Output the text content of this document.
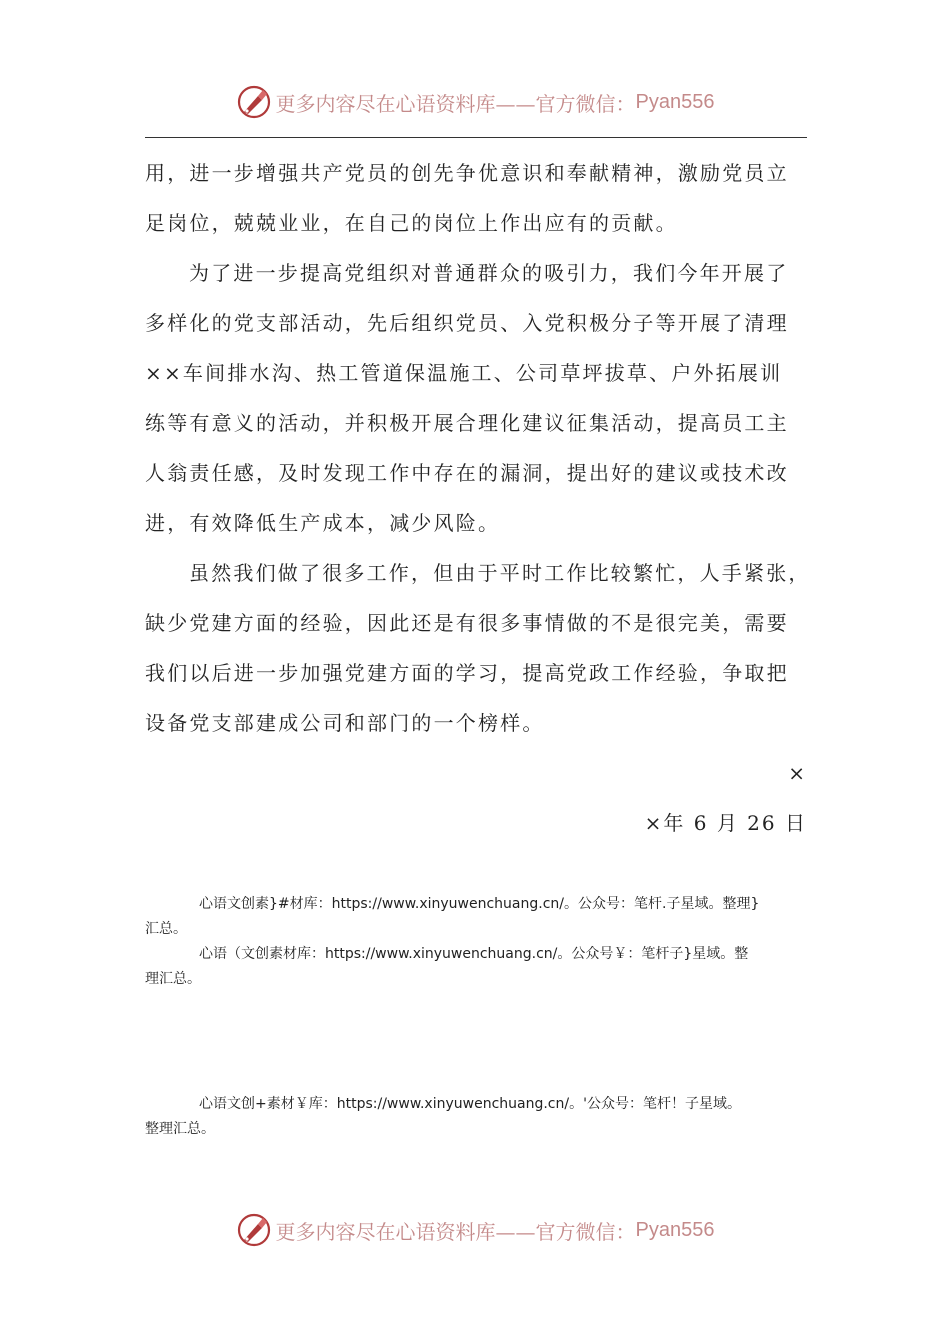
更多内容尽在心语资料库——官方微信： Pyan556
用，进一步增强共产党员的创先争优意识和奉献精神，激励党员立
足岗位，兢兢业业，在自己的岗位上作出应有的贡献。
为了进一步提高党组织对普通群众的吸引力，我们今年开展了
多样化的党支部活动，先后组织党员、入党积极分子等开展了清理
××车间排水沟、热工管道保温施工、公司草坪拔草、户外拓展训
练等有意义的活动，并积极开展合理化建议征集活动，提高员工主
人翁责任感，及时发现工作中存在的漏洞，提出好的建议或技术改
进，有效降低生产成本，减少风险。
虽然我们做了很多工作，但由于平时工作比较繁忙，人手紧张，
缺少党建方面的经验，因此还是有很多事情做的不是很完美，需要
我们以后进一步加强党建方面的学习，提高党政工作经验，争取把
设备党支部建成公司和部门的一个榜样。
×
×年 6 月 26 日
心语文创素}#材库：https://www.xinyuwenchuang.cn/。公众号：笔杆.子星域。整理}
汇总。
心语（文创素材库：https://www.xinyuwenchuang.cn/。公众号￥：笔杆子}星域。整
理汇总。
心语文创+素材￥库：https://www.xinyuwenchuang.cn/。'公众号：笔杆！子星域。
整理汇总。
更多内容尽在心语资料库——官方微信： Pyan556
